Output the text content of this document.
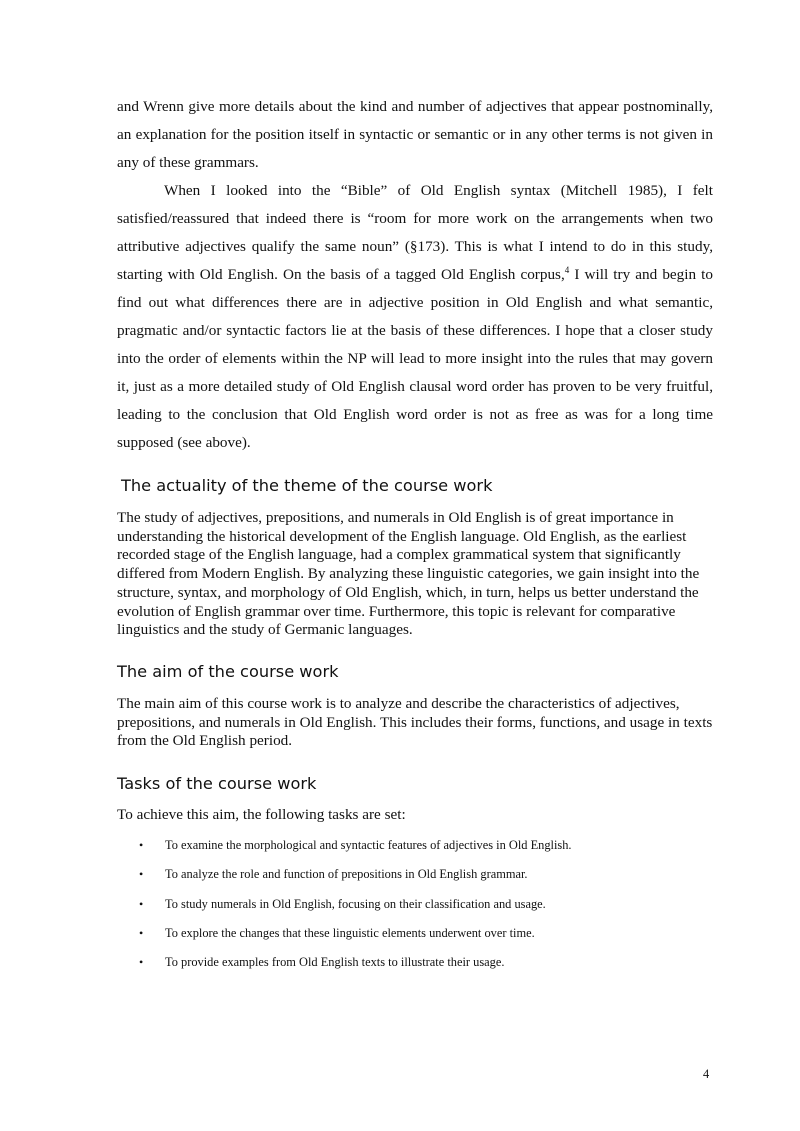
and Wrenn give more details about the kind and number of adjectives that appear postnominally, an explanation for the position itself in syntactic or semantic or in any other terms is not given in any of these grammars.

When I looked into the “Bible” of Old English syntax (Mitchell 1985), I felt satisfied/reassured that indeed there is “room for more work on the arrangements when two attributive adjectives qualify the same noun” (§173). This is what I intend to do in this study, starting with Old English. On the basis of a tagged Old English corpus,$^4$ I will try and begin to find out what differences there are in adjective position in Old English and what semantic, pragmatic and/or syntactic factors lie at the basis of these differences. I hope that a closer study into the order of elements within the NP will lead to more insight into the rules that may govern it, just as a more detailed study of Old English clausal word order has proven to be very fruitful, leading to the conclusion that Old English word order is not as free as was for a long time supposed (see above).

The actuality of the theme of the course work

The study of adjectives, prepositions, and numerals in Old English is of great importance in understanding the historical development of the English language. Old English, as the earliest recorded stage of the English language, had a complex grammatical system that significantly differed from Modern English. By analyzing these linguistic categories, we gain insight into the structure, syntax, and morphology of Old English, which, in turn, helps us better understand the evolution of English grammar over time. Furthermore, this topic is relevant for comparative linguistics and the study of Germanic languages.

The aim of the course work

The main aim of this course work is to analyze and describe the characteristics of adjectives, prepositions, and numerals in Old English. This includes their forms, functions, and usage in texts from the Old English period.

Tasks of the course work

To achieve this aim, the following tasks are set:

• To examine the morphological and syntactic features of adjectives in Old English.
• To analyze the role and function of prepositions in Old English grammar.
• To study numerals in Old English, focusing on their classification and usage.
• To explore the changes that these linguistic elements underwent over time.
• To provide examples from Old English texts to illustrate their usage.
4
